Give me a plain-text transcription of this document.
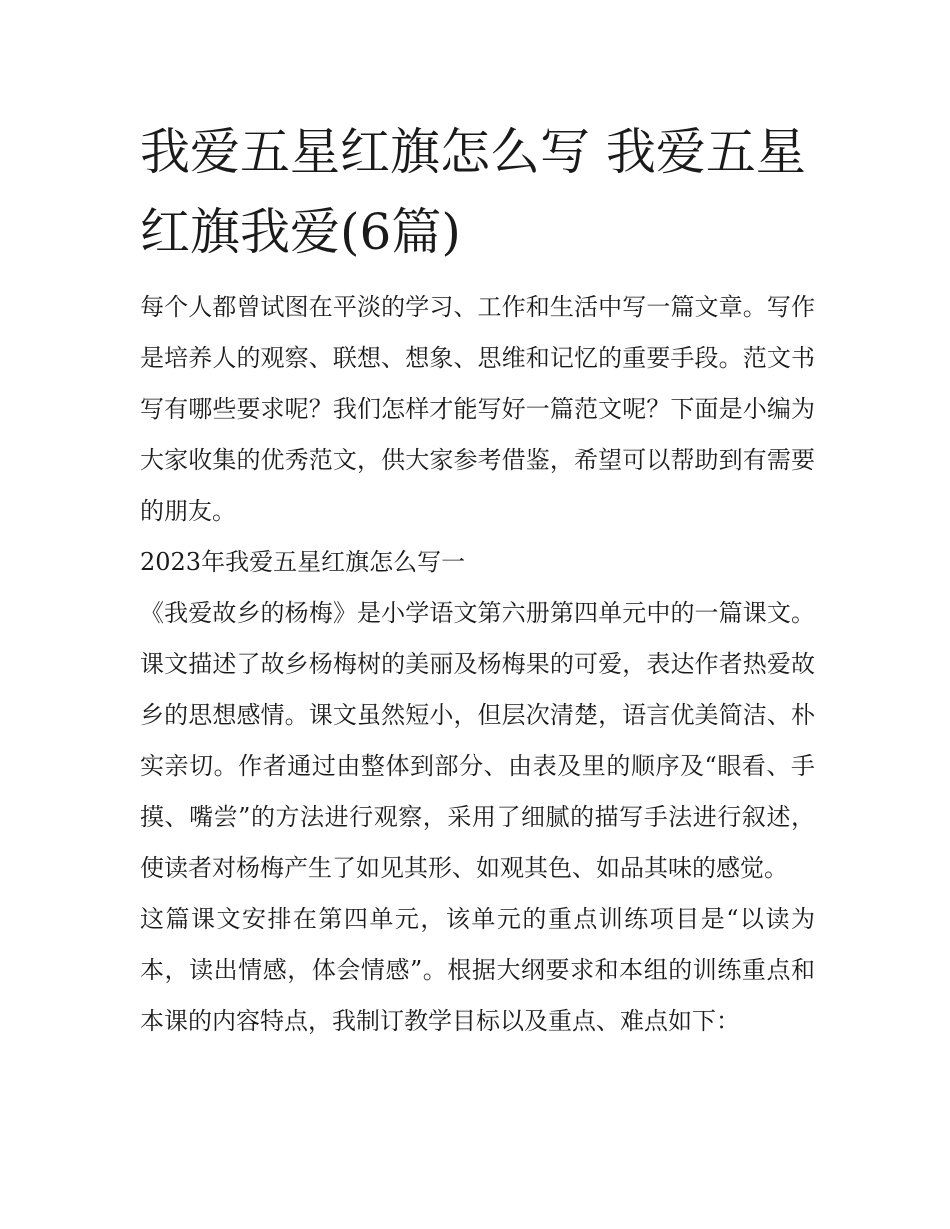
我爱五星红旗怎么写 我爱五星红旗我爱(6篇)

每个人都曾试图在平淡的学习、工作和生活中写一篇文章。写作是培养人的观察、联想、想象、思维和记忆的重要手段。范文书写有哪些要求呢？我们怎样才能写好一篇范文呢？下面是小编为大家收集的优秀范文，供大家参考借鉴，希望可以帮助到有需要的朋友。

2023年我爱五星红旗怎么写一

《我爱故乡的杨梅》是小学语文第六册第四单元中的一篇课文。课文描述了故乡杨梅树的美丽及杨梅果的可爱，表达作者热爱故乡的思想感情。课文虽然短小，但层次清楚，语言优美简洁、朴实亲切。作者通过由整体到部分、由表及里的顺序及“眼看、手摸、嘴尝”的方法进行观察，采用了细腻的描写手法进行叙述，使读者对杨梅产生了如见其形、如观其色、如品其味的感觉。

这篇课文安排在第四单元，该单元的重点训练项目是“以读为本，读出情感，体会情感”。根据大纲要求和本组的训练重点和本课的内容特点，我制订教学目标以及重点、难点如下：
